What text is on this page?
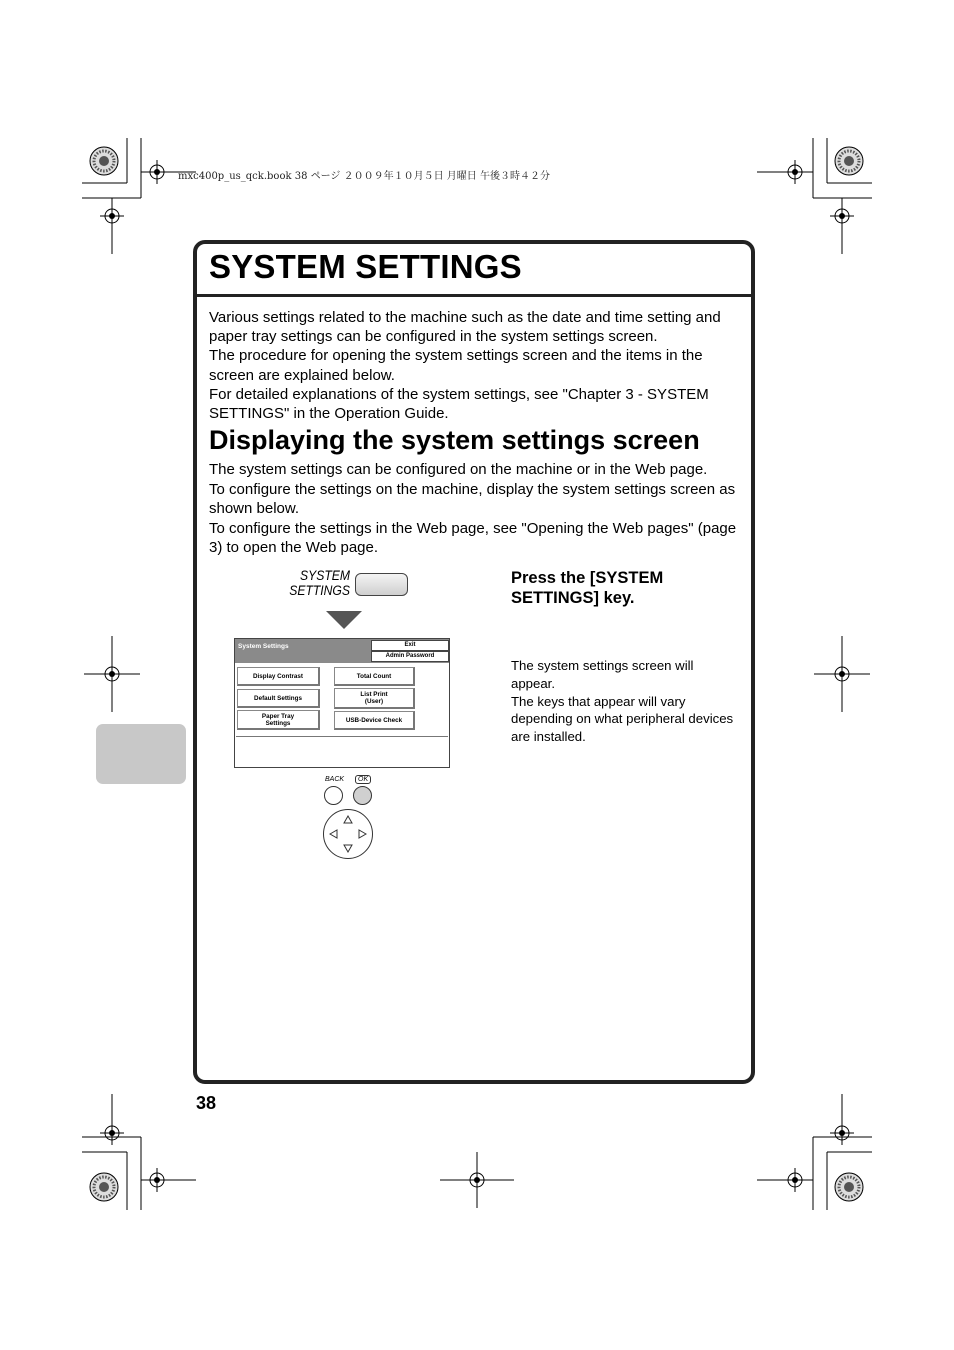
mxc400p_us_qck.book 38 ページ ２００９年１０月５日 月曜日 午後３時４２分
SYSTEM SETTINGS

Various settings related to the machine such as the date and time setting and paper tray settings can be configured in the system settings screen.

The procedure for opening the system settings screen and the items in the screen are explained below.

For detailed explanations of the system settings, see "Chapter 3 - SYSTEM SETTINGS" in the Operation Guide.

Displaying the system settings screen

The system settings can be configured on the machine or in the Web page.

To configure the settings on the machine, display the system settings screen as shown below.

To configure the settings in the Web page, see "Opening the Web pages" (page 3) to open the Web page.

SYSTEM
SETTINGS
System Settings	Exit
Admin Password
Display Contrast	Total Count
Default Settings	List Print
(User)
Paper Tray
Settings	USB-Device Check
BACK	OK
Press the [SYSTEM SETTINGS] key.

The system settings screen will appear.

The keys that appear will vary depending on what peripheral devices are installed.

38
